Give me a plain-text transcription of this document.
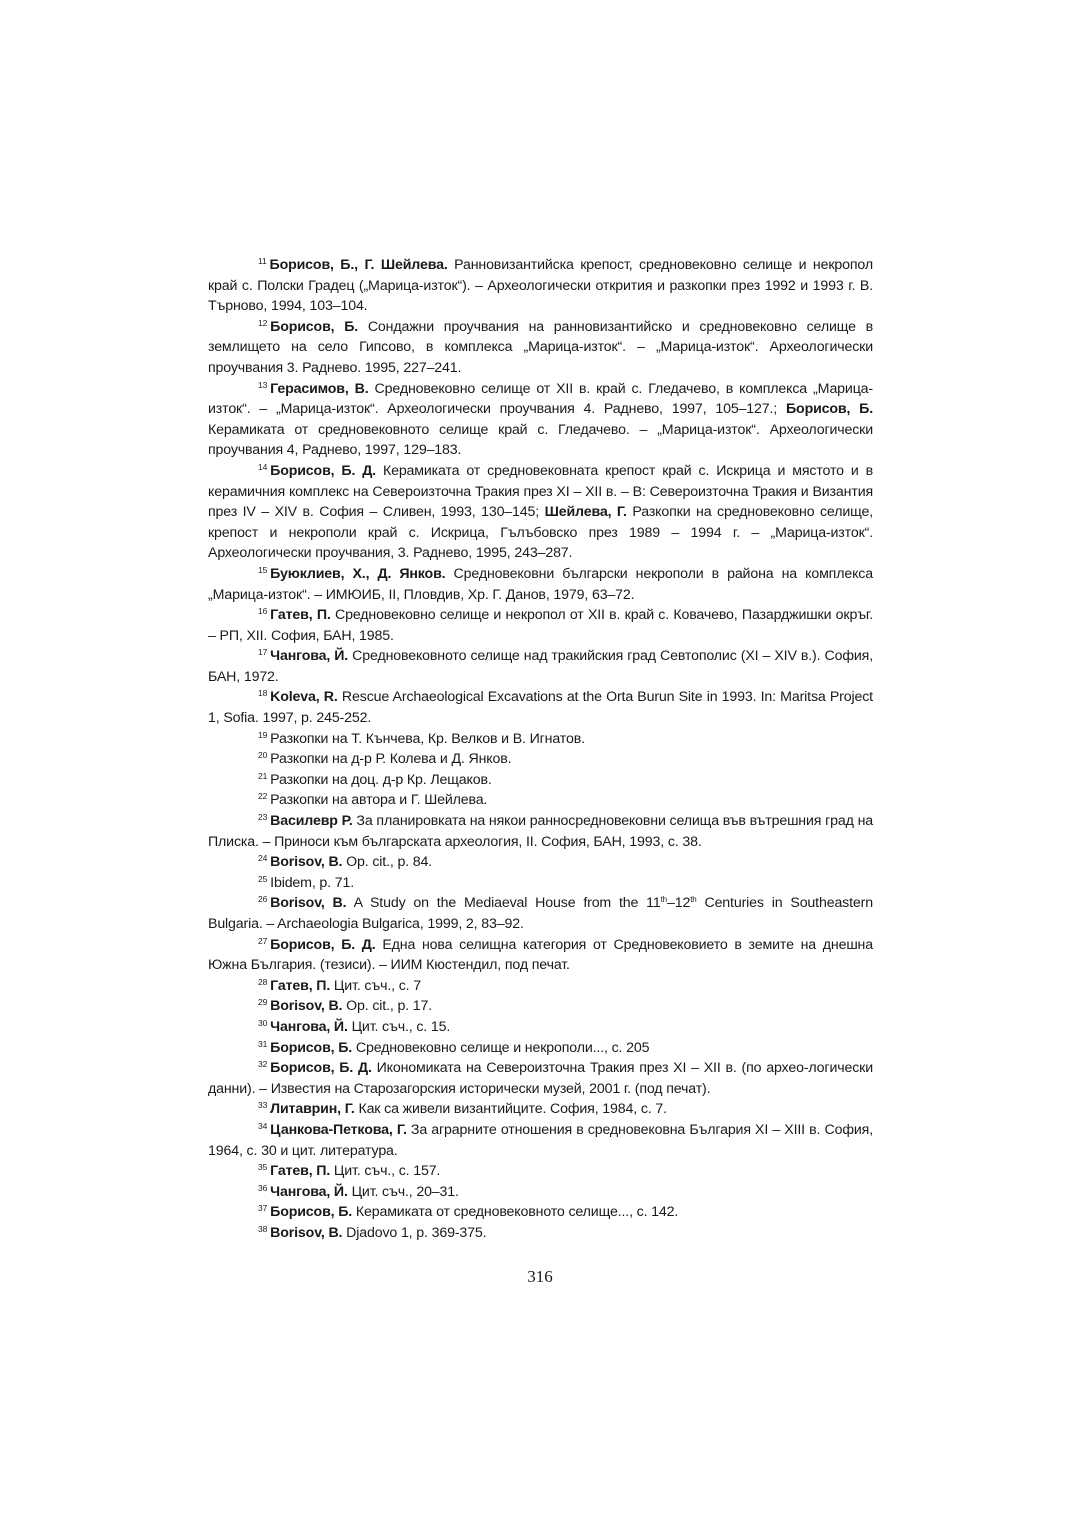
$^{11}$ Борисов, Б., Г. Шейлева. Ранновизантийска крепост, средновековно селище и некропол край с. Полски Градец („Марица-изток“). – Археологически открития и разкопки през 1992 и 1993 г. В. Търново, 1994, 103–104.

$^{12}$ Борисов, Б. Сондажни проучвания на ранновизантийско и средновековно селище в землището на село Гипсово, в комплекса „Марица-изток“. – „Марица-изток“. Археологически проучвания 3. Раднево. 1995, 227–241.

$^{13}$ Герасимов, В. Средновековно селище от XII в. край с. Гледачево, в комплекса „Марица-изток“. – „Марица-изток“. Археологически проучвания 4. Раднево, 1997, 105–127.; Борисов, Б. Керамиката от средновековното селище край с. Гледачево. – „Марица-изток“. Археологически проучвания 4, Раднево, 1997, 129–183.

$^{14}$ Борисов, Б. Д. Керамиката от средновековната крепост край с. Искрица и мястото и в керамичния комплекс на Североизточна Тракия през XI – XII в. – В: Североизточна Тракия и Византия през IV – XIV в. София – Сливен, 1993, 130–145; Шейлева, Г. Разкопки на средновековно селище, крепост и некрополи край с. Искрица, Гълъбовско през 1989 – 1994 г. – „Марица-изток“. Археологически проучвания, 3. Раднево, 1995, 243–287.

$^{15}$ Буюклиев, Х., Д. Янков. Средновековни български некрополи в района на комплекса „Марица-изток“. – ИМЮИБ, II, Пловдив, Хр. Г. Данов, 1979, 63–72.

$^{16}$ Гатев, П. Средновековно селище и некропол от XII в. край с. Ковачево, Пазарджишки окръг. – РП, XII. София, БАН, 1985.

$^{17}$ Чангова, Й. Средновековното селище над тракийския град Севтополис (XI – XIV в.). София, БАН, 1972.

$^{18}$ Koleva, R. Rescue Archaeological Excavations at the Orta Burun Site in 1993. In: Maritsa Project 1, Sofia. 1997, p. 245-252.

$^{19}$ Разкопки на Т. Кънчева, Кр. Велков и В. Игнатов.

$^{20}$ Разкопки на д-р Р. Колева и Д. Янков.

$^{21}$ Разкопки на доц. д-р Кр. Лещаков.

$^{22}$ Разкопки на автора и Г. Шейлева.

$^{23}$ Василевр Р. За планировката на някои ранносредновековни селища във вътрешния град на Плиска. – Приноси към българската археология, II. София, БАН, 1993, с. 38.

$^{24}$ Borisov, B. Op. cit., p. 84.

$^{25}$ Ibidem, p. 71.

$^{26}$ Borisov, B. A Study on the Mediaeval House from the 11th–12th Centuries in Southeastern Bulgaria. – Archaeologia Bulgarica, 1999, 2, 83–92.

$^{27}$ Борисов, Б. Д. Една нова селищна категория от Средновековието в земите на днешна Южна България. (тезиси). – ИИМ Кюстендил, под печат.

$^{28}$ Гатев, П. Цит. съч., с. 7

$^{29}$ Borisov, B. Op. cit., p. 17.

$^{30}$ Чангова, Й. Цит. съч., с. 15.

$^{31}$ Борисов, Б. Средновековно селище и некрополи..., с. 205

$^{32}$ Борисов, Б. Д. Икономиката на Североизточна Тракия през XI – XII в. (по архео-логически данни). – Известия на Старозагорския исторически музей, 2001 г. (под печат).

$^{33}$ Литаврин, Г. Как са живели византийците. София, 1984, с. 7.

$^{34}$ Цанкова-Петкова, Г. За аграрните отношения в средновековна България XI – XIII в. София, 1964, с. 30 и цит. литература.

$^{35}$ Гатев, П. Цит. съч., с. 157.

$^{36}$ Чангова, Й. Цит. съч., 20–31.

$^{37}$ Борисов, Б. Керамиката от средновековното селище..., с. 142.

$^{38}$ Borisov, B. Djadovo 1, p. 369-375.

316
